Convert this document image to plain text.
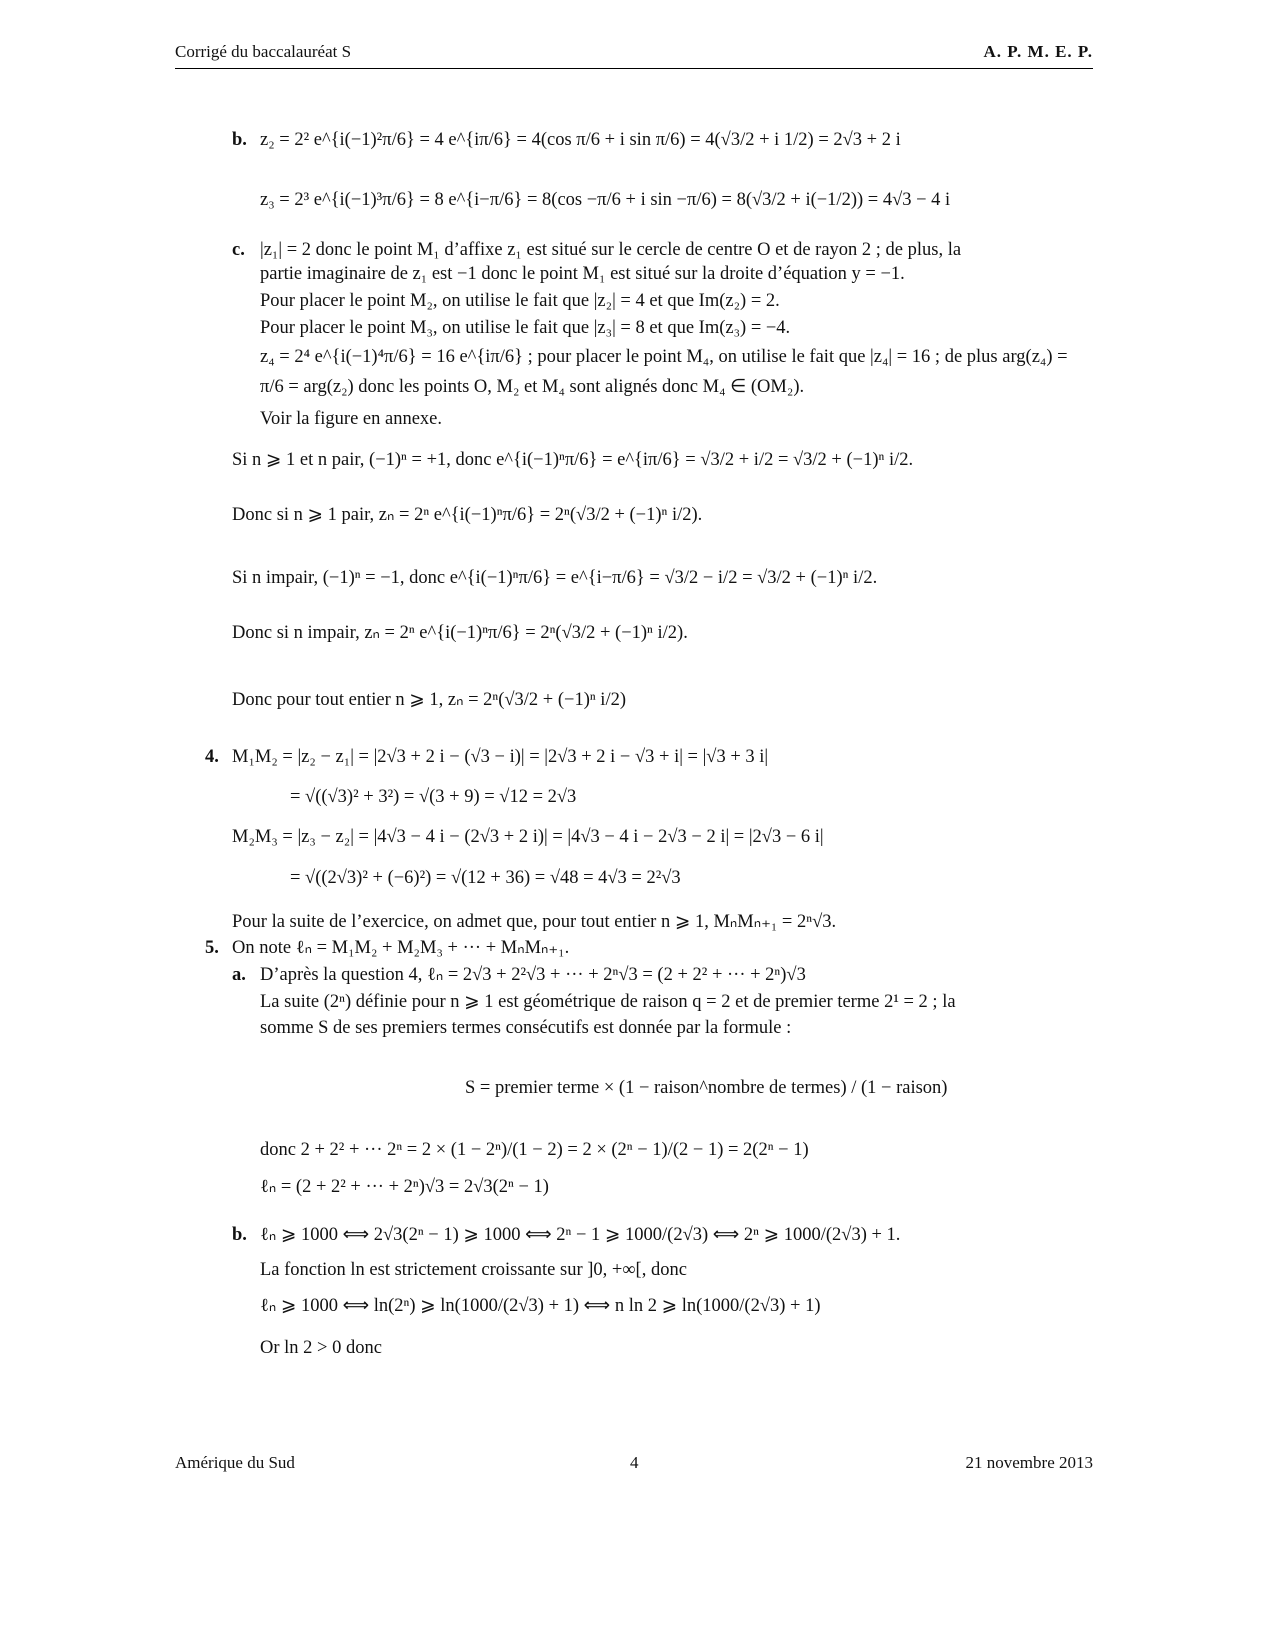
Corrigé du baccalauréat S	A. P. M. E. P.
b. z₂ = 2² e^{i(−1)²π/6} = 4 e^{iπ/6} = 4(cos π/6 + i sin π/6) = 4(√3/2 + i 1/2) = 2√3 + 2 i
z₃ = 2³ e^{i(−1)³π/6} = 8 e^{i−π/6} = 8(cos −π/6 + i sin −π/6) = 8(√3/2 + i(−1/2)) = 4√3 − 4 i
c. |z₁| = 2 donc le point M₁ d’affixe z₁ est situé sur le cercle de centre O et de rayon 2 ; de plus, la
partie imaginaire de z₁ est −1 donc le point M₁ est situé sur la droite d’équation y = −1.
Pour placer le point M₂, on utilise le fait que |z₂| = 4 et que Im(z₂) = 2.
Pour placer le point M₃, on utilise le fait que |z₃| = 8 et que Im(z₃) = −4.
z₄ = 2⁴ e^{i(−1)⁴π/6} = 16 e^{iπ/6} ; pour placer le point M₄, on utilise le fait que |z₄| = 16 ; de plus arg(z₄) =
π/6 = arg(z₂) donc les points O, M₂ et M₄ sont alignés donc M₄ ∈ (OM₂).
Voir la figure en annexe.
Si n ⩾ 1 et n pair, (−1)ⁿ = +1, donc e^{i(−1)ⁿπ/6} = e^{iπ/6} = √3/2 + i/2 = √3/2 + (−1)ⁿ i/2.
Donc si n ⩾ 1 pair, zₙ = 2ⁿ e^{i(−1)ⁿπ/6} = 2ⁿ(√3/2 + (−1)ⁿ i/2).
Si n impair, (−1)ⁿ = −1, donc e^{i(−1)ⁿπ/6} = e^{i−π/6} = √3/2 − i/2 = √3/2 + (−1)ⁿ i/2.
Donc si n impair, zₙ = 2ⁿ e^{i(−1)ⁿπ/6} = 2ⁿ(√3/2 + (−1)ⁿ i/2).
Donc pour tout entier n ⩾ 1, zₙ = 2ⁿ(√3/2 + (−1)ⁿ i/2)
4. M₁M₂ = |z₂ − z₁| = |2√3 + 2 i − (√3 − i)| = |2√3 + 2 i − √3 + i| = |√3 + 3 i|
= √((√3)² + 3²) = √(3 + 9) = √12 = 2√3
M₂M₃ = |z₃ − z₂| = |4√3 − 4 i − (2√3 + 2 i)| = |4√3 − 4 i − 2√3 − 2 i| = |2√3 − 6 i|
= √((2√3)² + (−6)²) = √(12 + 36) = √48 = 4√3 = 2²√3
Pour la suite de l’exercice, on admet que, pour tout entier n ⩾ 1, MₙMₙ₊₁ = 2ⁿ√3.
5. On note ℓₙ = M₁M₂ + M₂M₃ + ··· + MₙMₙ₊₁.
a. D’après la question 4, ℓₙ = 2√3 + 2²√3 + ··· + 2ⁿ√3 = (2 + 2² + ··· + 2ⁿ)√3
La suite (2ⁿ) définie pour n ⩾ 1 est géométrique de raison q = 2 et de premier terme 2¹ = 2 ; la
somme S de ses premiers termes consécutifs est donnée par la formule :
S = premier terme × (1 − raison^nombre de termes) / (1 − raison)
donc 2 + 2² + ··· 2ⁿ = 2 × (1 − 2ⁿ)/(1 − 2) = 2 × (2ⁿ − 1)/(2 − 1) = 2(2ⁿ − 1)
ℓₙ = (2 + 2² + ··· + 2ⁿ)√3 = 2√3(2ⁿ − 1)
b. ℓₙ ⩾ 1000 ⟺ 2√3(2ⁿ − 1) ⩾ 1000 ⟺ 2ⁿ − 1 ⩾ 1000/(2√3) ⟺ 2ⁿ ⩾ 1000/(2√3) + 1.
La fonction ln est strictement croissante sur ]0, +∞[, donc
ℓₙ ⩾ 1000 ⟺ ln(2ⁿ) ⩾ ln(1000/(2√3) + 1) ⟺ n ln 2 ⩾ ln(1000/(2√3) + 1)
Or ln 2 > 0 donc
Amérique du Sud	4	21 novembre 2013
